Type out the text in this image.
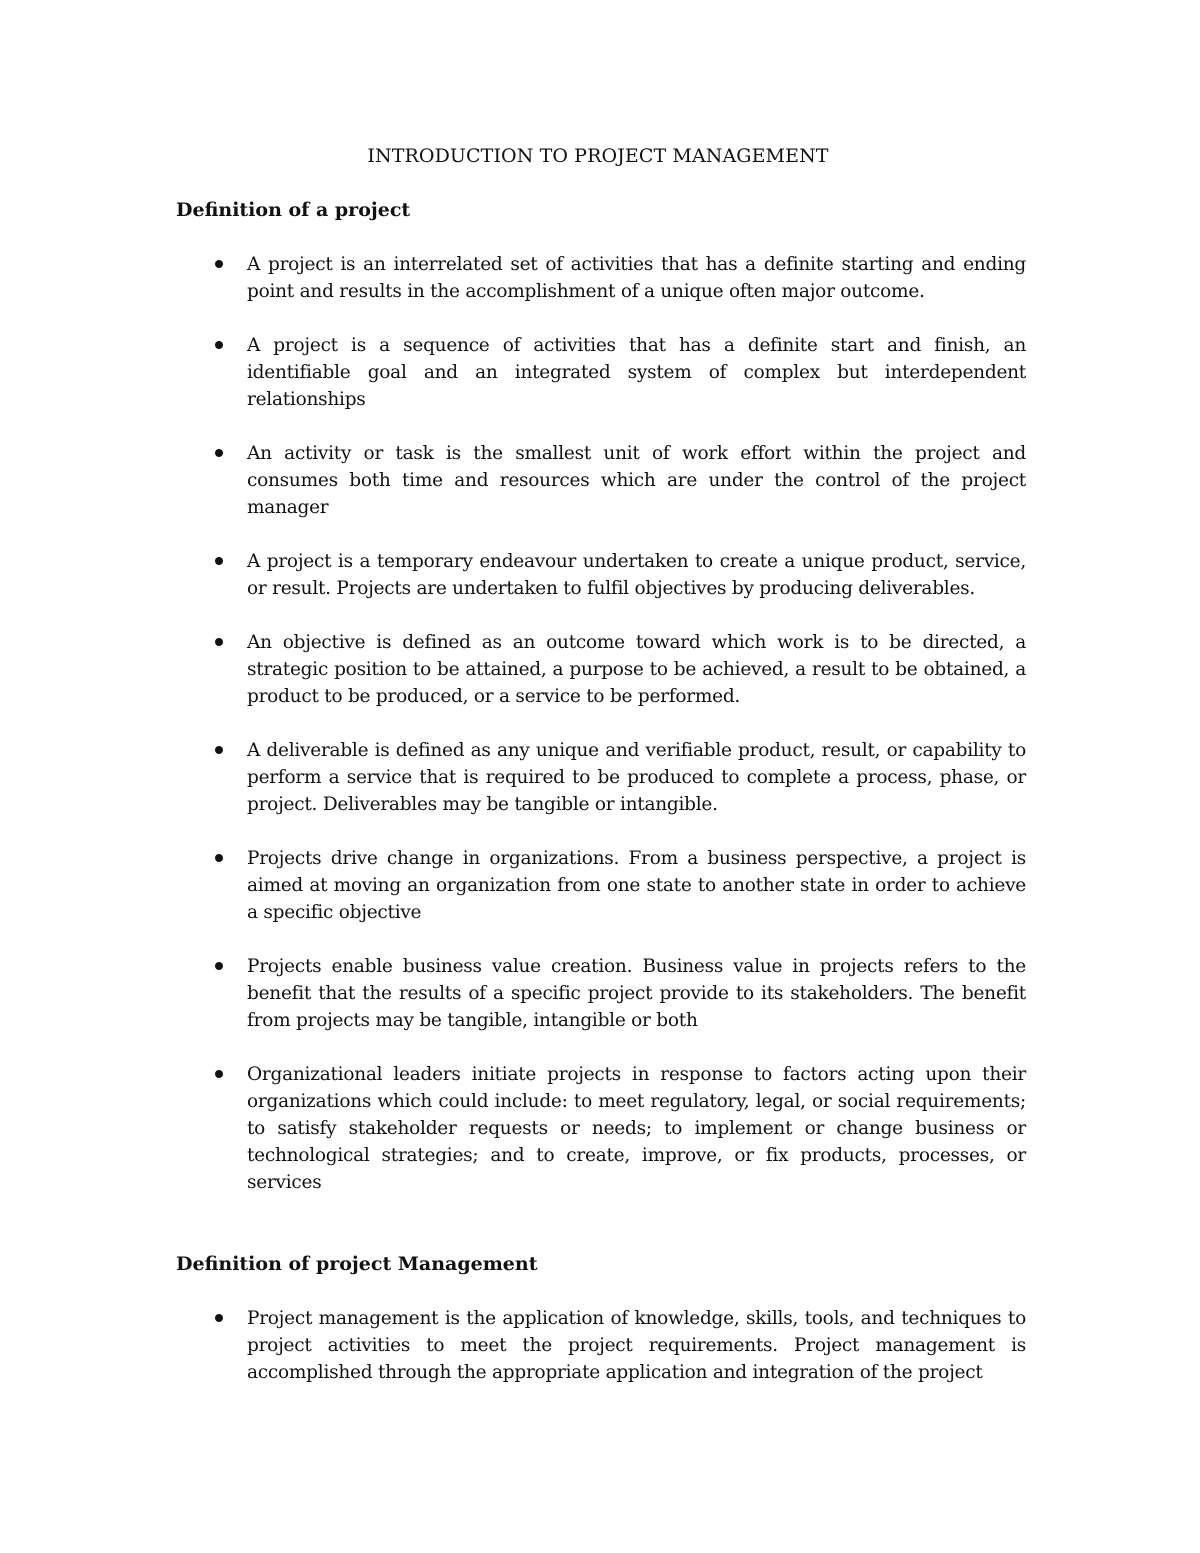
INTRODUCTION TO PROJECT MANAGEMENT
Definition of a project
A project is an interrelated set of activities that has a definite starting and ending point and results in the accomplishment of a unique often major outcome.
A project is a sequence of activities that has a definite start and finish, an identifiable goal and an integrated system of complex but interdependent relationships
An activity or task is the smallest unit of work effort within the project and consumes both time and resources which are under the control of the project manager
A project is a temporary endeavour undertaken to create a unique product, service, or result. Projects are undertaken to fulfil objectives by producing deliverables.
An objective is defined as an outcome toward which work is to be directed, a strategic position to be attained, a purpose to be achieved, a result to be obtained, a product to be produced, or a service to be performed.
A deliverable is defined as any unique and verifiable product, result, or capability to perform a service that is required to be produced to complete a process, phase, or project. Deliverables may be tangible or intangible.
Projects drive change in organizations. From a business perspective, a project is aimed at moving an organization from one state to another state in order to achieve a specific objective
Projects enable business value creation. Business value in projects refers to the benefit that the results of a specific project provide to its stakeholders. The benefit from projects may be tangible, intangible or both
Organizational leaders initiate projects in response to factors acting upon their organizations which could include: to meet regulatory, legal, or social requirements; to satisfy stakeholder requests or needs; to implement or change business or technological strategies; and to create, improve, or fix products, processes, or services
Definition of project Management
Project management is the application of knowledge, skills, tools, and techniques to project activities to meet the project requirements. Project management is accomplished through the appropriate application and integration of the project
